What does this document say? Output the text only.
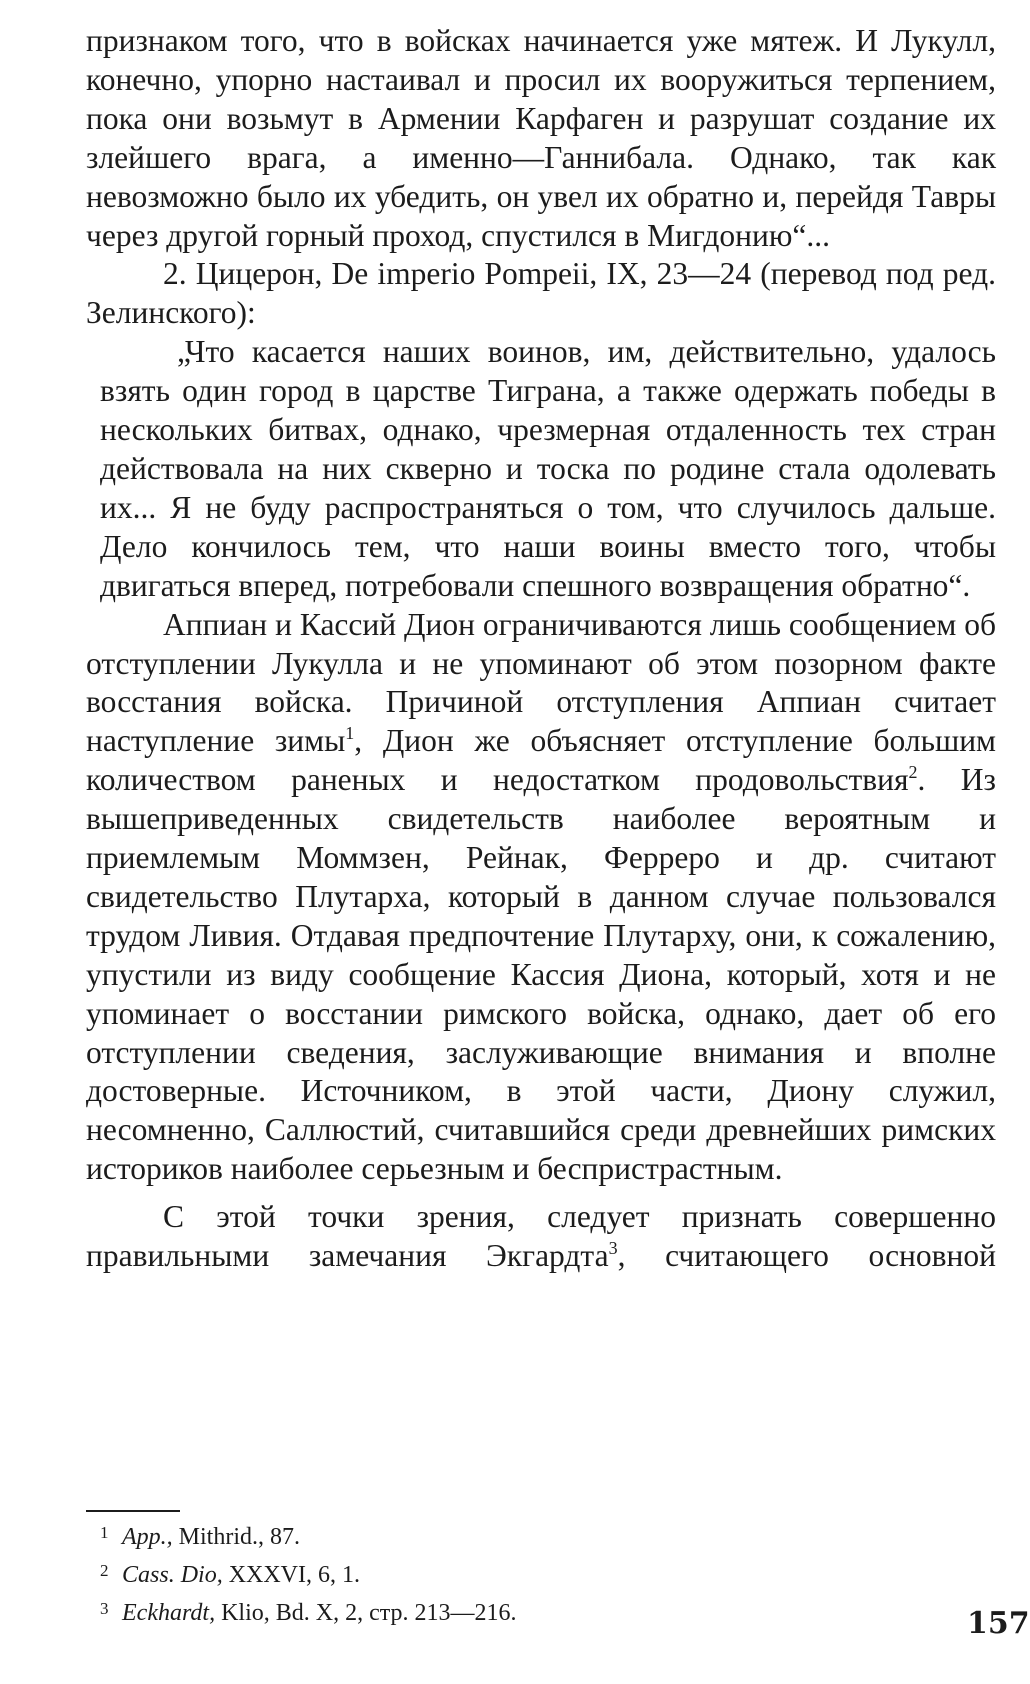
признаком того, что в войсках начинается уже мятеж. И Лукулл, конечно, упорно настаивал и просил их вооружиться терпением, пока они возьмут в Армении Карфаген и разрушат создание их злейшего врага, а именно—Ганнибала. Однако, так как невозможно было их убедить, он увел их обратно и, перейдя Тавры через другой горный проход, спустился в Мигдонию“...

2. Цицерон, De imperio Pompeii, IX, 23—24 (перевод под ред. Зелинского):

„Что касается наших воинов, им, действительно, удалось взять один город в царстве Тиграна, а также одержать победы в нескольких битвах, однако, чрезмерная отдаленность тех стран действовала на них скверно и тоска по родине стала одолевать их... Я не буду распространяться о том, что случилось дальше. Дело кончилось тем, что наши воины вместо того, чтобы двигаться вперед, потребовали спешного возвращения обратно“.

Аппиан и Кассий Дион ограничиваются лишь сообщением об отступлении Лукулла и не упоминают об этом позорном факте восстания войска. Причиной отступления Аппиан считает наступление зимы$^1$, Дион же объясняет отступление большим количеством раненых и недостатком продовольствия$^2$. Из вышеприведенных свидетельств наиболее вероятным и приемлемым Моммзен, Рейнак, Ферреро и др. считают свидетельство Плутарха, который в данном случае пользовался трудом Ливия. Отдавая предпочтение Плутарху, они, к сожалению, упустили из виду сообщение Кассия Диона, который, хотя и не упоминает о восстании римского войска, однако, дает об его отступлении сведения, заслуживающие внимания и вполне достоверные. Источником, в этой части, Диону служил, несомненно, Саллюстий, считавшийся среди древнейших римских историков наиболее серьезным и беспристрастным.

С этой точки зрения, следует признать совершенно правильными замечания Экгардта$^3$, считающего основной

1 App., Mithrid., 87.
2 Cass. Dio, XXXVI, 6, 1.
3 Eckhardt, Klio, Bd. X, 2, стр. 213—216.	157
